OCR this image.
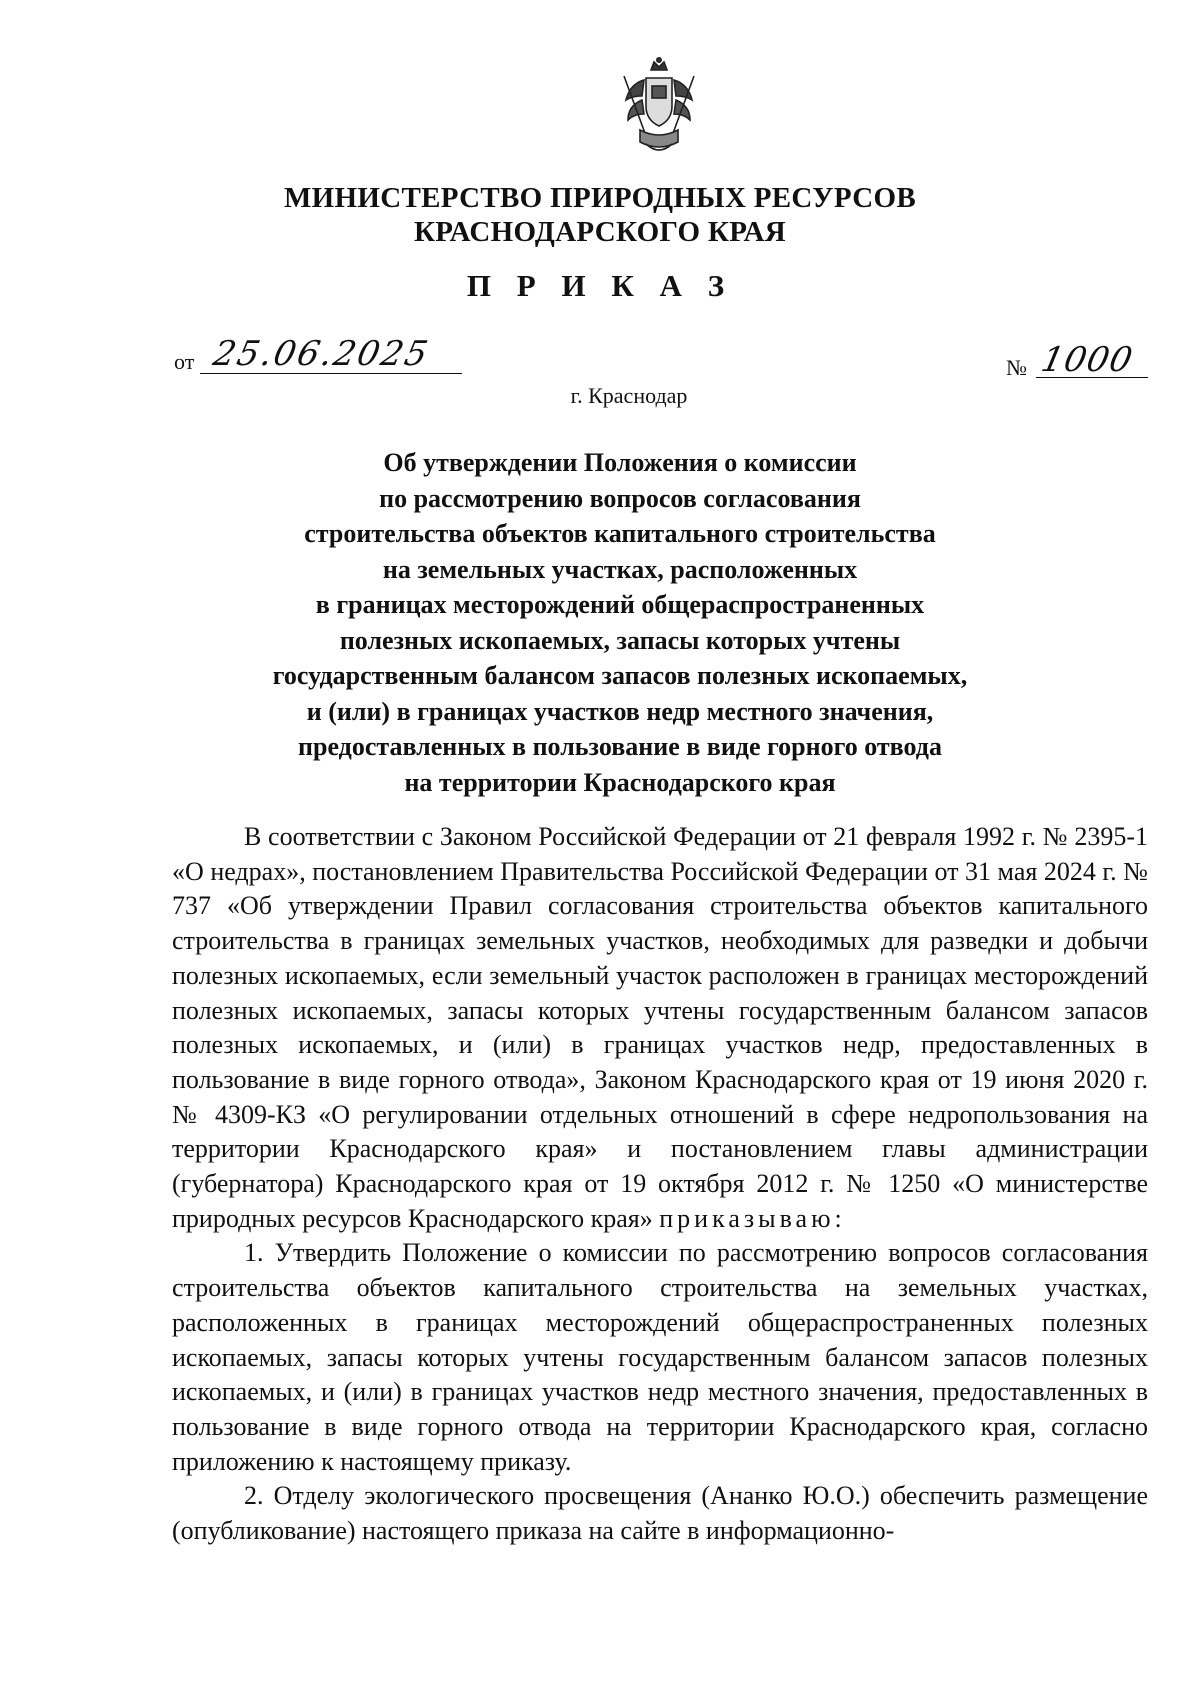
МИНИСТЕРСТВО ПРИРОДНЫХ РЕСУРСОВ
КРАСНОДАРСКОГО КРАЯ
П Р И К А З
от 25.06.2025	№ 1000
г. Краснодар
Об утверждении Положения о комиссии
по рассмотрению вопросов согласования
строительства объектов капитального строительства
на земельных участках, расположенных
в границах месторождений общераспространенных
полезных ископаемых, запасы которых учтены
государственным балансом запасов полезных ископаемых,
и (или) в границах участков недр местного значения,
предоставленных в пользование в виде горного отвода
на территории Краснодарского края

В соответствии с Законом Российской Федерации от 21 февраля 1992 г. № 2395-1 «О недрах», постановлением Правительства Российской Федерации от 31 мая 2024 г. № 737 «Об утверждении Правил согласования строительства объектов капитального строительства в границах земельных участков, необходимых для разведки и добычи полезных ископаемых, если земельный участок расположен в границах месторождений полезных ископаемых, запасы которых учтены государственным балансом запасов полезных ископаемых, и (или) в границах участков недр, предоставленных в пользование в виде горного отвода», Законом Краснодарского края от 19 июня 2020 г. № 4309-КЗ «О регулировании отдельных отношений в сфере недропользования на территории Краснодарского края» и постановлением главы администрации (губернатора) Краснодарского края от 19 октября 2012 г. № 1250 «О министерстве природных ресурсов Краснодарского края» приказываю:

1. Утвердить Положение о комиссии по рассмотрению вопросов согласования строительства объектов капитального строительства на земельных участках, расположенных в границах месторождений общераспространенных полезных ископаемых, запасы которых учтены государственным балансом запасов полезных ископаемых, и (или) в границах участков недр местного значения, предоставленных в пользование в виде горного отвода на территории Краснодарского края, согласно приложению к настоящему приказу.

2. Отделу экологического просвещения (Ананко Ю.О.) обеспечить размещение (опубликование) настоящего приказа на сайте в информационно-
